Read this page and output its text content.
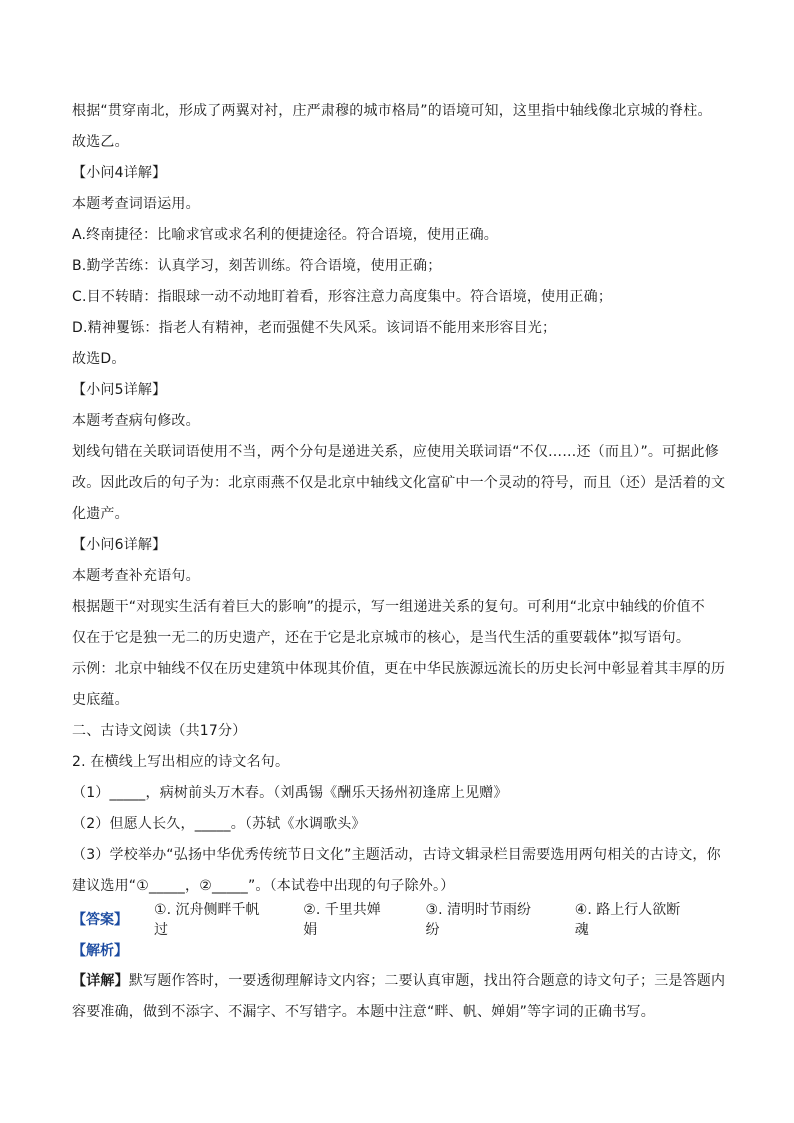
根据“贯穿南北，形成了两翼对衬，庄严肃穆的城市格局”的语境可知，这里指中轴线像北京城的脊柱。

故选乙。

【小问4详解】

本题考查词语运用。

A.终南捷径：比喻求官或求名利的便捷途径。符合语境，使用正确。

B.勤学苦练：认真学习，刻苦训练。符合语境，使用正确；

C.目不转睛：指眼球一动不动地盯着看，形容注意力高度集中。符合语境，使用正确；

D.精神矍铄：指老人有精神，老而强健不失风采。该词语不能用来形容目光；

故选D。

【小问5详解】

本题考查病句修改。

划线句错在关联词语使用不当，两个分句是递进关系，应使用关联词语“不仅……还（而且）”。可据此修

改。因此改后的句子为：北京雨燕不仅是北京中轴线文化富矿中一个灵动的符号，而且（还）是活着的文

化遗产。

【小问6详解】

本题考查补充语句。

根据题干“对现实生活有着巨大的影响”的提示，写一组递进关系的复句。可利用“北京中轴线的价值不

仅在于它是独一无二的历史遗产，还在于它是北京城市的核心，是当代生活的重要载体”拟写语句。

示例：北京中轴线不仅在历史建筑中体现其价值，更在中华民族源远流长的历史长河中彰显着其丰厚的历

史底蕴。

二、古诗文阅读（共17分）

2. 在横线上写出相应的诗文名句。

（1）_____，病树前头万木春。（刘禹锡《酬乐天扬州初逢席上见赠》

（2）但愿人长久，_____。（苏轼《水调歌头》

（3）学校举办“弘扬中华优秀传统节日文化”主题活动，古诗文辑录栏目需要选用两句相关的古诗文，你

建议选用“①_____，②_____”。（本试卷中出现的句子除外。）

【答案】
①. 沉舟侧畔千帆过
②. 千里共婵娟
③. 清明时节雨纷纷
④. 路上行人欲断魂
【解析】

【详解】默写题作答时，一要透彻理解诗文内容；二要认真审题，找出符合题意的诗文句子；三是答题内

容要准确，做到不添字、不漏字、不写错字。本题中注意“畔、帆、婵娟”等字词的正确书写。
